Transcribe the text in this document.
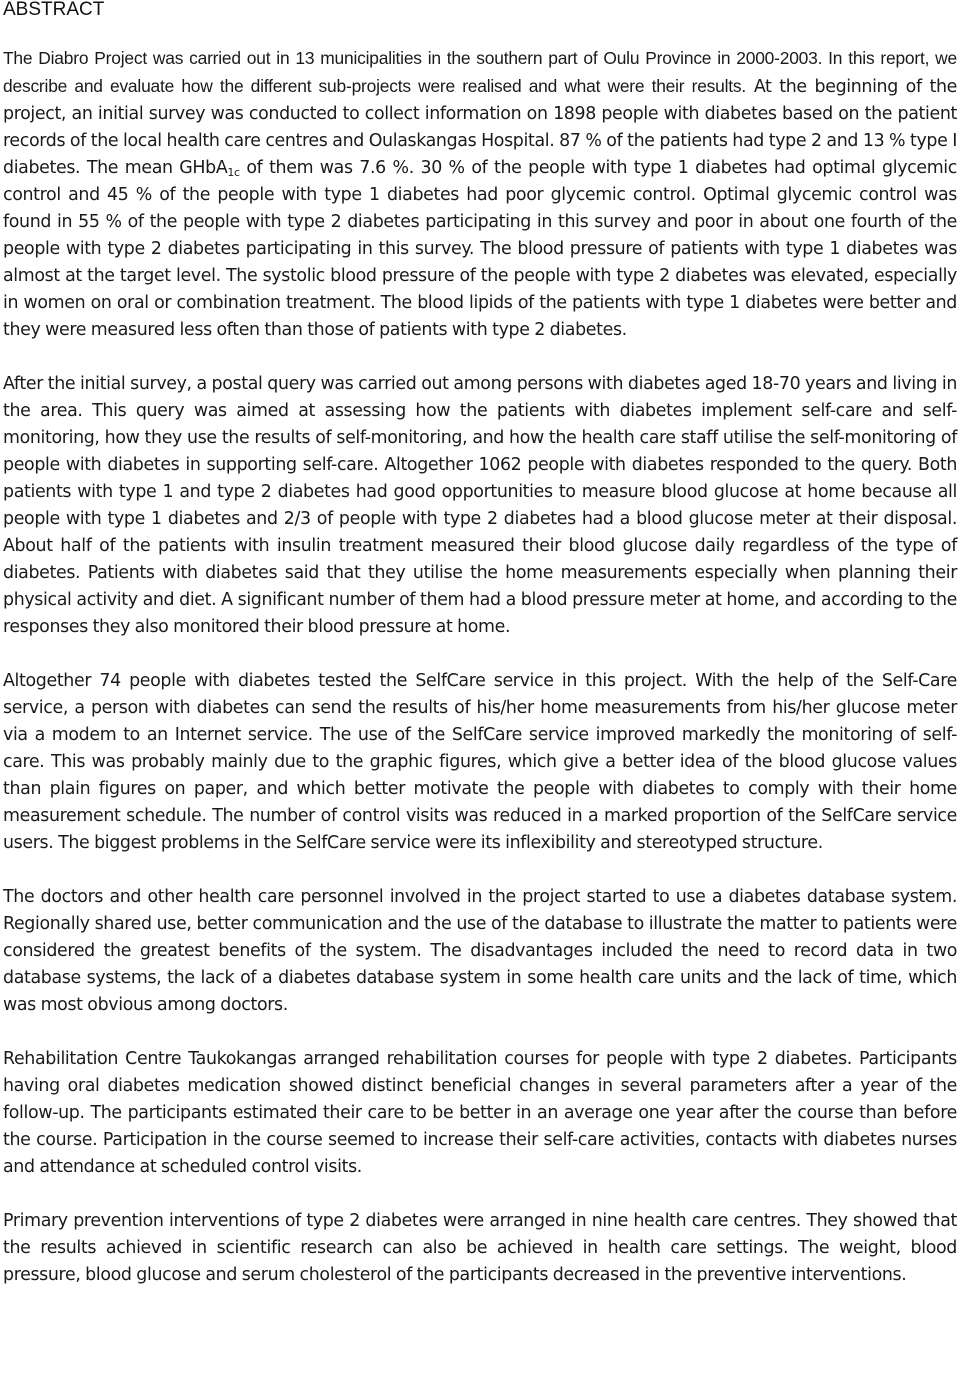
ABSTRACT

The Diabro Project was carried out in 13 municipalities in the southern part of Oulu Province in 2000-2003. In this report, we describe and evaluate how the different sub-projects were realised and what were their results. At the beginning of the project, an initial survey was conducted to collect information on 1898 people with diabetes based on the patient records of the local health care centres and Oulaskangas Hospital. 87 % of the patients had type 2 and 13 % type I diabetes. The mean GHbA$_{1c}$ of them was 7.6 %. 30 % of the people with type 1 diabetes had optimal glycemic control and 45 % of the people with type 1 diabetes had poor glycemic control. Optimal glycemic control was found in 55 % of the people with type 2 diabetes participating in this survey and poor in about one fourth of the people with type 2 diabetes participating in this survey. The blood pressure of patients with type 1 diabetes was almost at the target level. The systolic blood pressure of the people with type 2 diabetes was elevated, especially in women on oral or combination treatment. The blood lipids of the patients with type 1 diabetes were better and they were measured less often than those of patients with type 2 diabetes.

After the initial survey, a postal query was carried out among persons with diabetes aged 18-70 years and living in the area. This query was aimed at assessing how the patients with diabetes implement self-care and self-monitoring, how they use the results of self-monitoring, and how the health care staff utilise the self-monitoring of people with diabetes in supporting self-care. Altogether 1062 people with diabetes responded to the query. Both patients with type 1 and type 2 diabetes had good opportunities to measure blood glucose at home because all people with type 1 diabetes and 2/3 of people with type 2 diabetes had a blood glucose meter at their disposal. About half of the patients with insulin treatment measured their blood glucose daily regardless of the type of diabetes. Patients with diabetes said that they utilise the home measurements especially when planning their physical activity and diet. A significant number of them had a blood pressure meter at home, and according to the responses they also monitored their blood pressure at home.

Altogether 74 people with diabetes tested the SelfCare service in this project. With the help of the Self-Care service, a person with diabetes can send the results of his/her home measurements from his/her glucose meter via a modem to an Internet service. The use of the SelfCare service improved markedly the monitoring of self-care. This was probably mainly due to the graphic figures, which give a better idea of the blood glucose values than plain figures on paper, and which better motivate the people with diabetes to comply with their home measurement schedule. The number of control visits was reduced in a marked proportion of the SelfCare service users. The biggest problems in the SelfCare service were its inflexibility and stereotyped structure.

The doctors and other health care personnel involved in the project started to use a diabetes database system. Regionally shared use, better communication and the use of the database to illustrate the matter to patients were considered the greatest benefits of the system. The disadvantages included the need to record data in two database systems, the lack of a diabetes database system in some health care units and the lack of time, which was most obvious among doctors.

Rehabilitation Centre Taukokangas arranged rehabilitation courses for people with type 2 diabetes. Participants having oral diabetes medication showed distinct beneficial changes in several parameters after a year of the follow-up. The participants estimated their care to be better in an average one year after the course than before the course. Participation in the course seemed to increase their self-care activities, contacts with diabetes nurses and attendance at scheduled control visits.

Primary prevention interventions of type 2 diabetes were arranged in nine health care centres. They showed that the results achieved in scientific research can also be achieved in health care settings. The weight, blood pressure, blood glucose and serum cholesterol of the participants decreased in the preventive interventions.
